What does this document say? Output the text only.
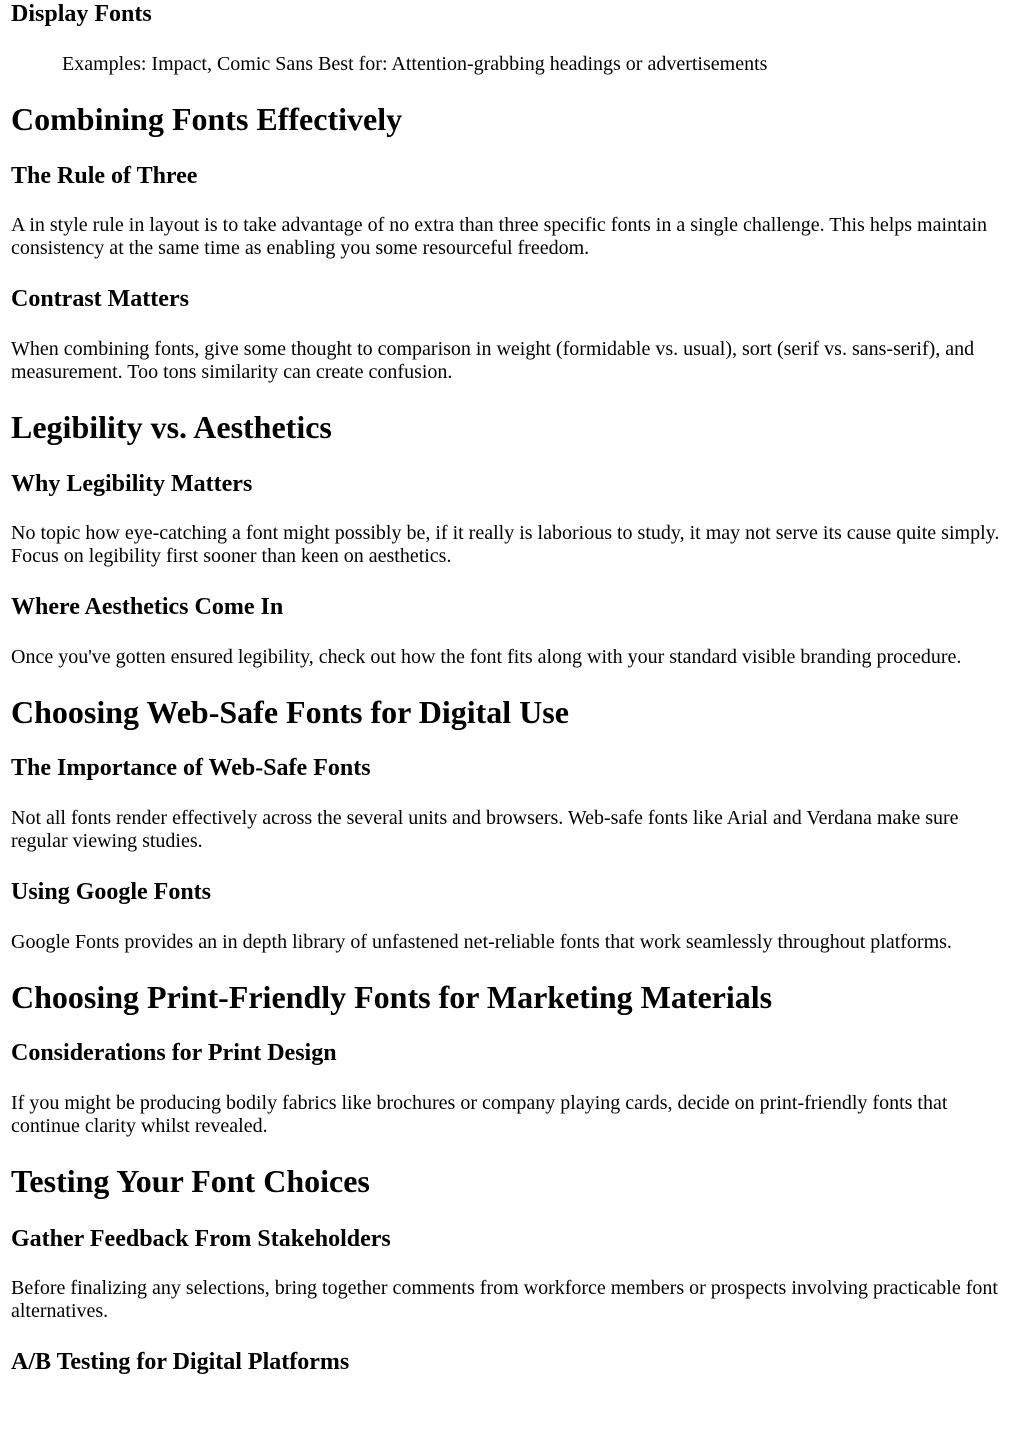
Display Fonts
Examples: Impact, Comic Sans Best for: Attention-grabbing headings or advertisements
Combining Fonts Effectively
The Rule of Three

A in style rule in layout is to take advantage of no extra than three specific fonts in a single challenge. This helps maintain consistency at the same time as enabling you some resourceful freedom.

Contrast Matters

When combining fonts, give some thought to comparison in weight (formidable vs. usual), sort (serif vs. sans-serif), and measurement. Too tons similarity can create confusion.

Legibility vs. Aesthetics
Why Legibility Matters

No topic how eye-catching a font might possibly be, if it really is laborious to study, it may not serve its cause quite simply. Focus on legibility first sooner than keen on aesthetics.

Where Aesthetics Come In

Once you've gotten ensured legibility, check out how the font fits along with your standard visible branding procedure.

Choosing Web-Safe Fonts for Digital Use
The Importance of Web-Safe Fonts

Not all fonts render effectively across the several units and browsers. Web-safe fonts like Arial and Verdana make sure regular viewing studies.

Using Google Fonts

Google Fonts provides an in depth library of unfastened net-reliable fonts that work seamlessly throughout platforms.

Choosing Print-Friendly Fonts for Marketing Materials
Considerations for Print Design

If you might be producing bodily fabrics like brochures or company playing cards, decide on print-friendly fonts that continue clarity whilst revealed.

Testing Your Font Choices
Gather Feedback From Stakeholders

Before finalizing any selections, bring together comments from workforce members or prospects involving practicable font alternatives.

A/B Testing for Digital Platforms
